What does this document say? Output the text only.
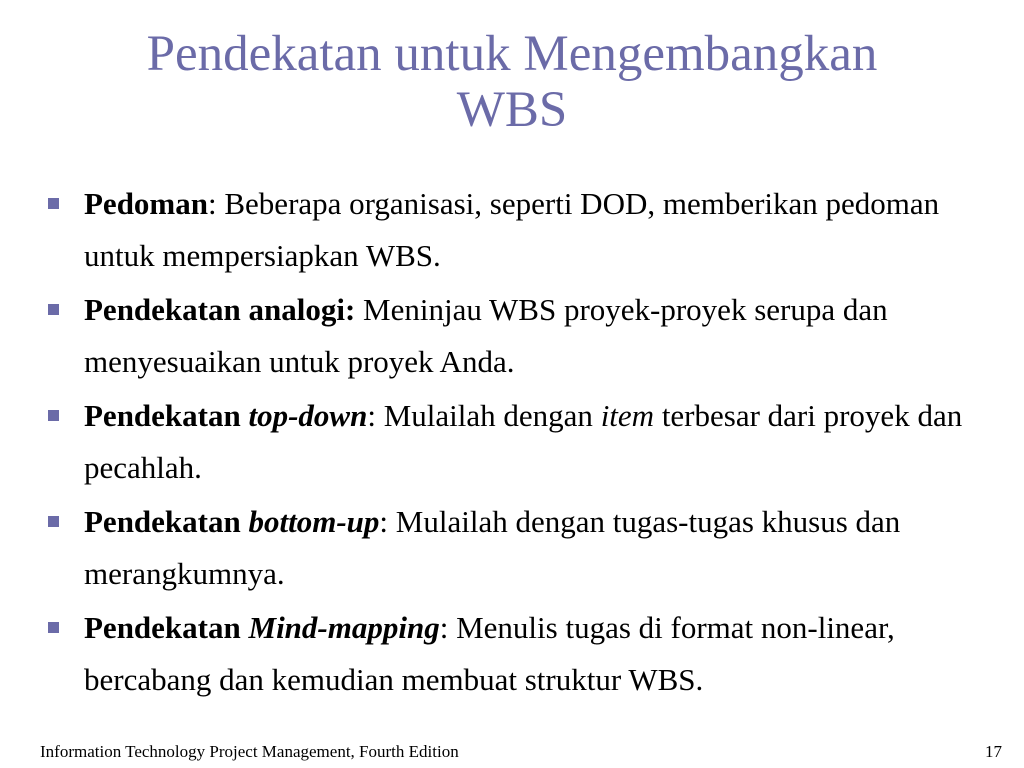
Pendekatan untuk Mengembangkan
WBS
Pedoman: Beberapa organisasi, seperti DOD, memberikan pedoman untuk mempersiapkan WBS.
Pendekatan analogi: Meninjau WBS proyek-proyek serupa dan menyesuaikan untuk proyek Anda.
Pendekatan top-down: Mulailah dengan item terbesar dari proyek dan pecahlah.
Pendekatan bottom-up: Mulailah dengan tugas-tugas khusus dan merangkumnya.
Pendekatan Mind-mapping: Menulis tugas di format non-linear, bercabang dan kemudian membuat struktur WBS.
Information Technology Project Management, Fourth Edition	17
